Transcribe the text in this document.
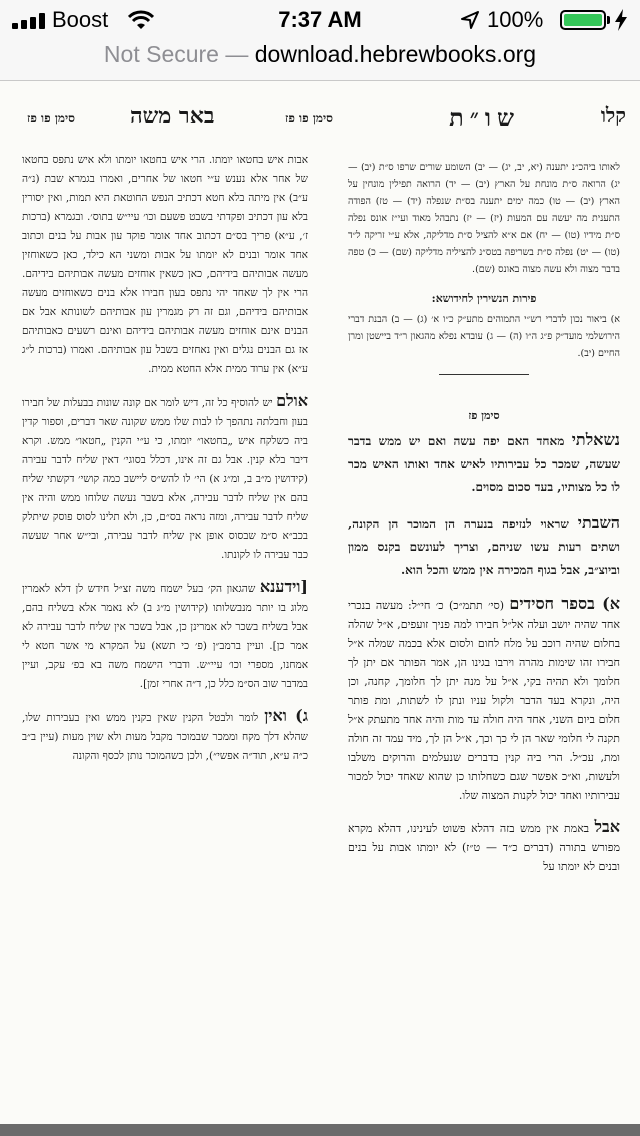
Boost	7:37 AM	100%
Not Secure — download.hebrewbooks.org
קלו
שו״ת
סימן פו פז
באר משה
סימן פו פז

לאותו ביהכ״נ יתענה (יא, יב, יג) — יב) השומע שורים שרפו ס״ת (יב) — יג) הרואה ס״ת מונחת על הארץ (יב) — יד) הרואה תפילין מונחין על הארץ (יב) — טו) כמה ימים יתענה בס״ת שנפלה (יד) — טז) הפודה התענית מה יעשה עם המעות (יז) — יז) נתבהל מאוד ועי״ז אונס נפלה ס״ת מידיו (טו) — יח) אם א״א להציל ס״ת מדליקה, אלא ע״י זריקה ל״ד (טו) — יט) נפלה ס״ת בשריפה בטס״נ להציליה מדליקה (שם) — כ) טפה בדבר מצוה ולא עשה מצוה באונס (שם).

פירות הנשירין לחידושא:

א) ביאור נכון לדברי רש״י התמוהים מתע״ק כ״ו א׳ (ג) — ב) הבנת דברי הירושלמי מועד״ק פ״ג ה״ו (ה) — ג) עובדא נפלא מהגאון ר״ד ביישטן ומרן החיים (יב).

סימן פז

נשאלתי מאחד האם יפה עשה ואם יש ממש בדבר שעשה, שמכר כל עבירותיו לאיש אחד ואותו האיש מכר לו כל מצותיו, בעד סכום מסוים.

השבתי שראוי לנזיפה בנערה הן המוכר הן הקונה, ושתים רעות עשו שניהם, וצריך לעונשם בקנס ממון וביוצ״ב, אבל בגוף המכירה אין ממש והכל הוא.

א) בספר חסידים (סי׳ תתמ״כ) כ׳ חי״ל: מעשה בנכרי אחד שהיה יושב ועלה אל״ל חבירו למה פניך זועפים, א״ל שהלה בחלום שהיה רוכב על מלח לחום ולסום אלא בכמה שמלה א״ל חבירו זהו שימות מהרה וירבו בגינו הן, אמר הפותר אם יתן לך חלומך ולא תהיה בקי, א״ל על מנה יתן לך חלומך, קחנה, וכן היה, ונקרא בעד הדבר ולקול עניו ונתן לו לשתות, ומת פותר חלום ביום השני, אחד היה חולה עד מות והיה אחד מתעתק א״ל תקנה לי חלומי שאר הן לי כך וכך, א״ל הן לך, מיד עמד זה חולה ומת, עכ״ל. הרי ביה קנין בדברים שנעלמים והרוקים משלבו ולעשות, וא״כ אפשר שגם כשחלותו כן שהוא שאחד יכול למכור עבירותיו ואחד יכול לקנות המצוה שלו.

אבל באמת אין ממש בזה דהלא פשוט לעינינו, דהלא מקרא מפורש בתורה (דברים כ״ד — ט״ז) לא יומתו אבות על בנים ובנים לא יומתו על

אבות איש בחטאו יומתו. הרי איש בחטאו יומתו ולא איש נתפס בחטאו של אחר אלא נענש ע״י חטאו של אחרים, ואמרו בגמרא שבת (נ״ה ע״ב) אין מיתה בלא חטא דכתיב הנפש החוטאת היא תמות, ואין יסורין בלא עון דכתיב ופקדתי בשבט פשעם וכו׳ עיי״ש בתוס׳. ובגמרא (ברכות ז׳, ע״א) פריך בס״ם דכתוב אחד אומר פוקד עון אבות על בנים וכתוב אחד אומר ובנים לא יומתו על אבות ומשני הא כילד, כאן כשאוחזין מעשה אבותיהם בידיהם, כאן כשאין אוחזים מעשה אבותיהם בידיהם. הרי אין לך שאחד יהי נתפס בעון חבירו אלא בנים כשאוחזים מעשה אבותיהם בידיהם, וגם זה רק מגמרין עון אבותיהם לשונותא אבל אם הבנים אינם אוחזים מעשה אבותיהם בידיהם ואינם רשעים כאבותיהם אז גם הבנים נגלים ואין נאחזים בשבל עון אבותיהם. ואמרו (ברכות ל״ג ע״א) אין ערוד ממית אלא החטא ממית.

אולם יש להוסיף כל זה, דיש לומר אם קונה שונות בבעלות של חבירו בעון וחבלתה נתהפך לו לבות שלו ממש שקונה שאר דברים, וספור קדין ביה כשלקח איש „בחטאו״ יומתו, כי ע״י הקנין „חטאו״ ממש. וקרא דיבר בלא קנין. אבל גם זה אינו, דכלל בסוגי׳ דאין שליח לדבר עבירה (קידושין מ״ב ב, ומ״ג א) הי׳ לו להש״ס ליישב כמה קושי׳ דקשתי שליח בהם אין שליח לדבר עבירה, אלא בשבר נעשה שלוחו ממש והיה אין שליח לדבר עבירה, ומזה נראה בס״ם, כן, ולא תלינו לסוס פוסק שיתלק בכב״א ס״מ שבסוס אופן אין שליח לדבר עבירה, ובי״ש אחר שעשה כבר עבירה לו לקונתו.

[וידענא שהגאון הק׳ בעל ישמח משה זצ״ל חידש לן דלא לאמרין מלוג בו יותר מנבשלותו (קידושין מ״ג ב) לא נאמר אלא בשליח בהם, אבל בשליח בשכר לא אמרינן כן, אבל בשכר אין שליח לדבר עבירה לא אמר כן]. ועיין ברמב״ן (פ׳ כי תשא) על המקרא מי אשר חטא לי אמחנו, מספרי וכו׳ עיי״ש. ודברי הישמח משה בא בפ׳ עקב, ועיין במדבר שוב הס״מ כלל כן, ד״ה אחרי זמן].

ג) ואין לומר ולבטל הקנין שאין בקנין ממש ואין בעבירות שלו, שהלא דלך מקח וממכר שבמוכר מקבל מעות ולא שוין מעות (עיין ב״ב כ״ה ע״א, תוד״ה אפשי״), ולכן כשהמוכר נותן לכסף והקונה
